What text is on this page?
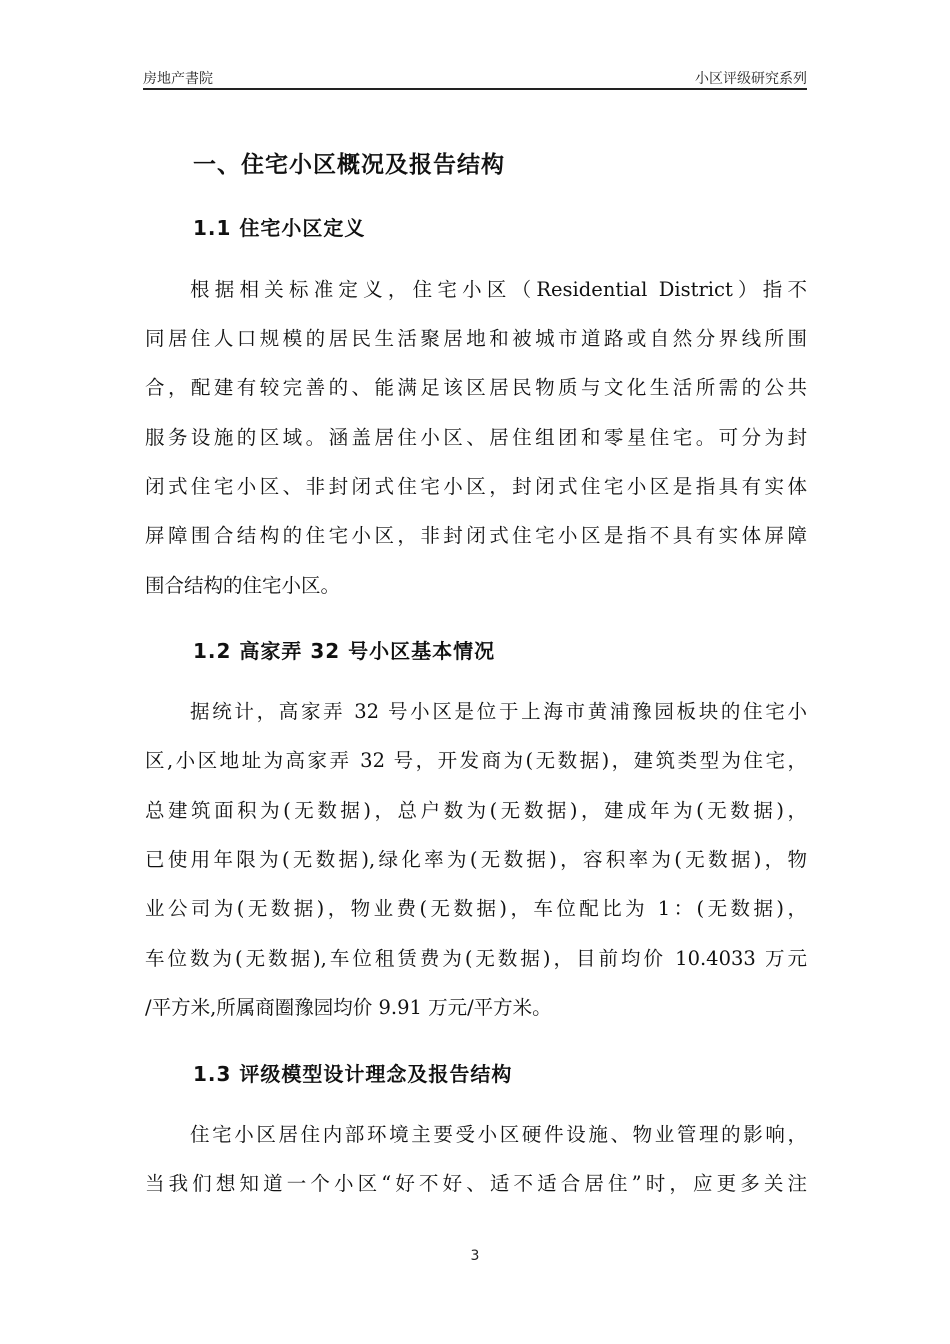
房地产書院	小区评级研究系列
一、住宅小区概况及报告结构
1.1 住宅小区定义
根据相关标准定义，住宅小区（Residential District）指不
同居住人口规模的居民生活聚居地和被城市道路或自然分界线所围
合，配建有较完善的、能满足该区居民物质与文化生活所需的公共
服务设施的区域。涵盖居住小区、居住组团和零星住宅。可分为封
闭式住宅小区、非封闭式住宅小区，封闭式住宅小区是指具有实体
屏障围合结构的住宅小区，非封闭式住宅小区是指不具有实体屏障
围合结构的住宅小区。
1.2 高家弄 32 号小区基本情况
据统计，高家弄 32 号小区是位于上海市黄浦豫园板块的住宅小
区,小区地址为高家弄 32 号，开发商为(无数据)，建筑类型为住宅，
总建筑面积为(无数据)，总户数为(无数据)，建成年为(无数据)，
已使用年限为(无数据),绿化率为(无数据)，容积率为(无数据)，物
业公司为(无数据)，物业费(无数据)，车位配比为 1：(无数据)，
车位数为(无数据),车位租赁费为(无数据)，目前均价 10.4033 万元
/平方米,所属商圈豫园均价 9.91 万元/平方米。
1.3 评级模型设计理念及报告结构
住宅小区居住内部环境主要受小区硬件设施、物业管理的影响，
当我们想知道一个小区“好不好、适不适合居住”时，应更多关注
3
